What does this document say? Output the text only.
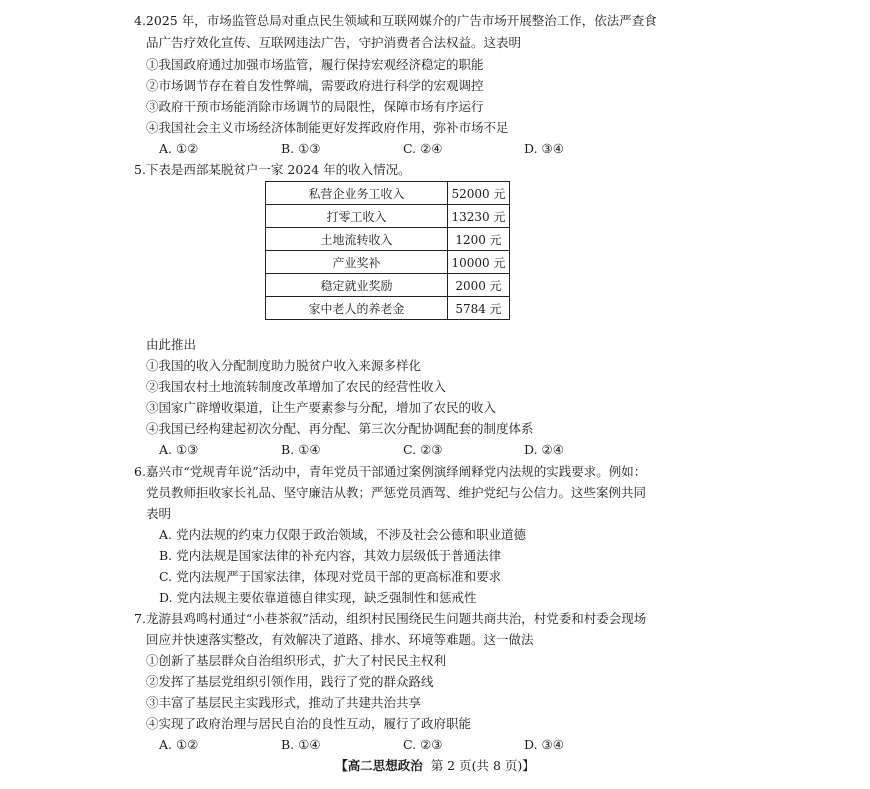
4.2025 年，市场监管总局对重点民生领域和互联网媒介的广告市场开展整治工作，依法严查食
品广告疗效化宣传、互联网违法广告，守护消费者合法权益。这表明
①我国政府通过加强市场监管，履行保持宏观经济稳定的职能
②市场调节存在着自发性弊端，需要政府进行科学的宏观调控
③政府干预市场能消除市场调节的局限性，保障市场有序运行
④我国社会主义市场经济体制能更好发挥政府作用，弥补市场不足
A. ①②	B. ①③	C. ②④	D. ③④
5.下表是西部某脱贫户一家 2024 年的收入情况。
私营企业务工收入	52000 元
打零工收入	13230 元
土地流转收入	1200 元
产业奖补	10000 元
稳定就业奖励	2000 元
家中老人的养老金	5784 元
由此推出
①我国的收入分配制度助力脱贫户收入来源多样化
②我国农村土地流转制度改革增加了农民的经营性收入
③国家广辟增收渠道，让生产要素参与分配，增加了农民的收入
④我国已经构建起初次分配、再分配、第三次分配协调配套的制度体系
A. ①③	B. ①④	C. ②③	D. ②④
6.嘉兴市“党规青年说”活动中，青年党员干部通过案例演绎阐释党内法规的实践要求。例如：
党员教师拒收家长礼品、坚守廉洁从教；严惩党员酒驾、维护党纪与公信力。这些案例共同
表明
A. 党内法规的约束力仅限于政治领域，不涉及社会公德和职业道德
B. 党内法规是国家法律的补充内容，其效力层级低于普通法律
C. 党内法规严于国家法律，体现对党员干部的更高标准和要求
D. 党内法规主要依靠道德自律实现，缺乏强制性和惩戒性
7.龙游县鸡鸣村通过“小巷茶叙”活动，组织村民围绕民生问题共商共治，村党委和村委会现场
回应并快速落实整改，有效解决了道路、排水、环境等难题。这一做法
①创新了基层群众自治组织形式，扩大了村民民主权利
②发挥了基层党组织引领作用，践行了党的群众路线
③丰富了基层民主实践形式，推动了共建共治共享
④实现了政府治理与居民自治的良性互动，履行了政府职能
A. ①②	B. ①④	C. ②③	D. ③④
【高二思想政治 第 2 页(共 8 页)】
